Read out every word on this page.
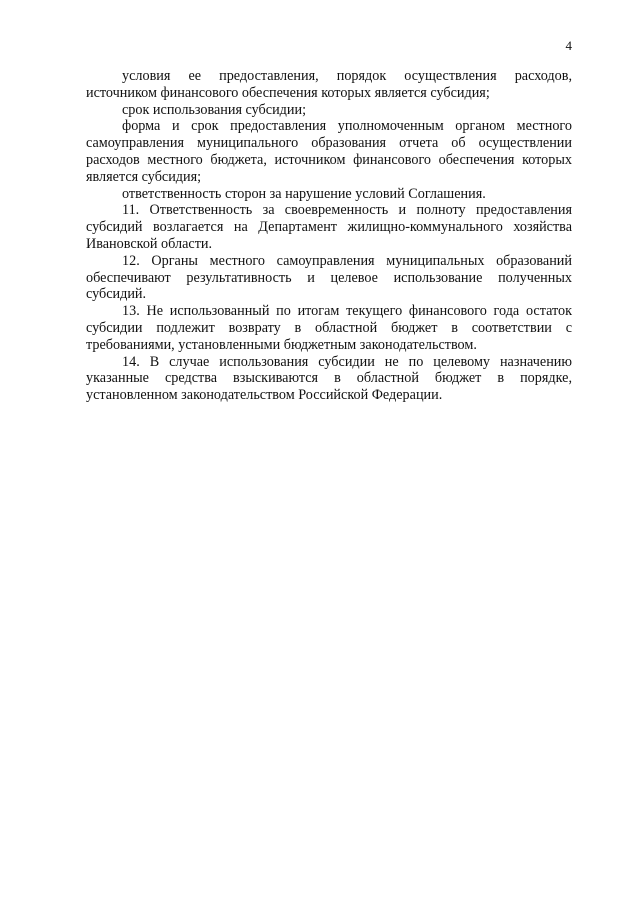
4

условия ее предоставления, порядок осуществления расходов, источником финансового обеспечения которых является субсидия;

срок использования субсидии;

форма и срок предоставления уполномоченным органом местного самоуправления муниципального образования отчета об осуществлении расходов местного бюджета, источником финансового обеспечения которых является субсидия;

ответственность сторон за нарушение условий Соглашения.

11. Ответственность за своевременность и полноту предоставления субсидий возлагается на Департамент жилищно-коммунального хозяйства Ивановской области.

12. Органы местного самоуправления муниципальных образований обеспечивают результативность и целевое использование полученных субсидий.

13. Не использованный по итогам текущего финансового года остаток субсидии подлежит возврату в областной бюджет в соответствии с требованиями, установленными бюджетным законодательством.

14. В случае использования субсидии не по целевому назначению указанные средства взыскиваются в областной бюджет в порядке, установленном законодательством Российской Федерации.
